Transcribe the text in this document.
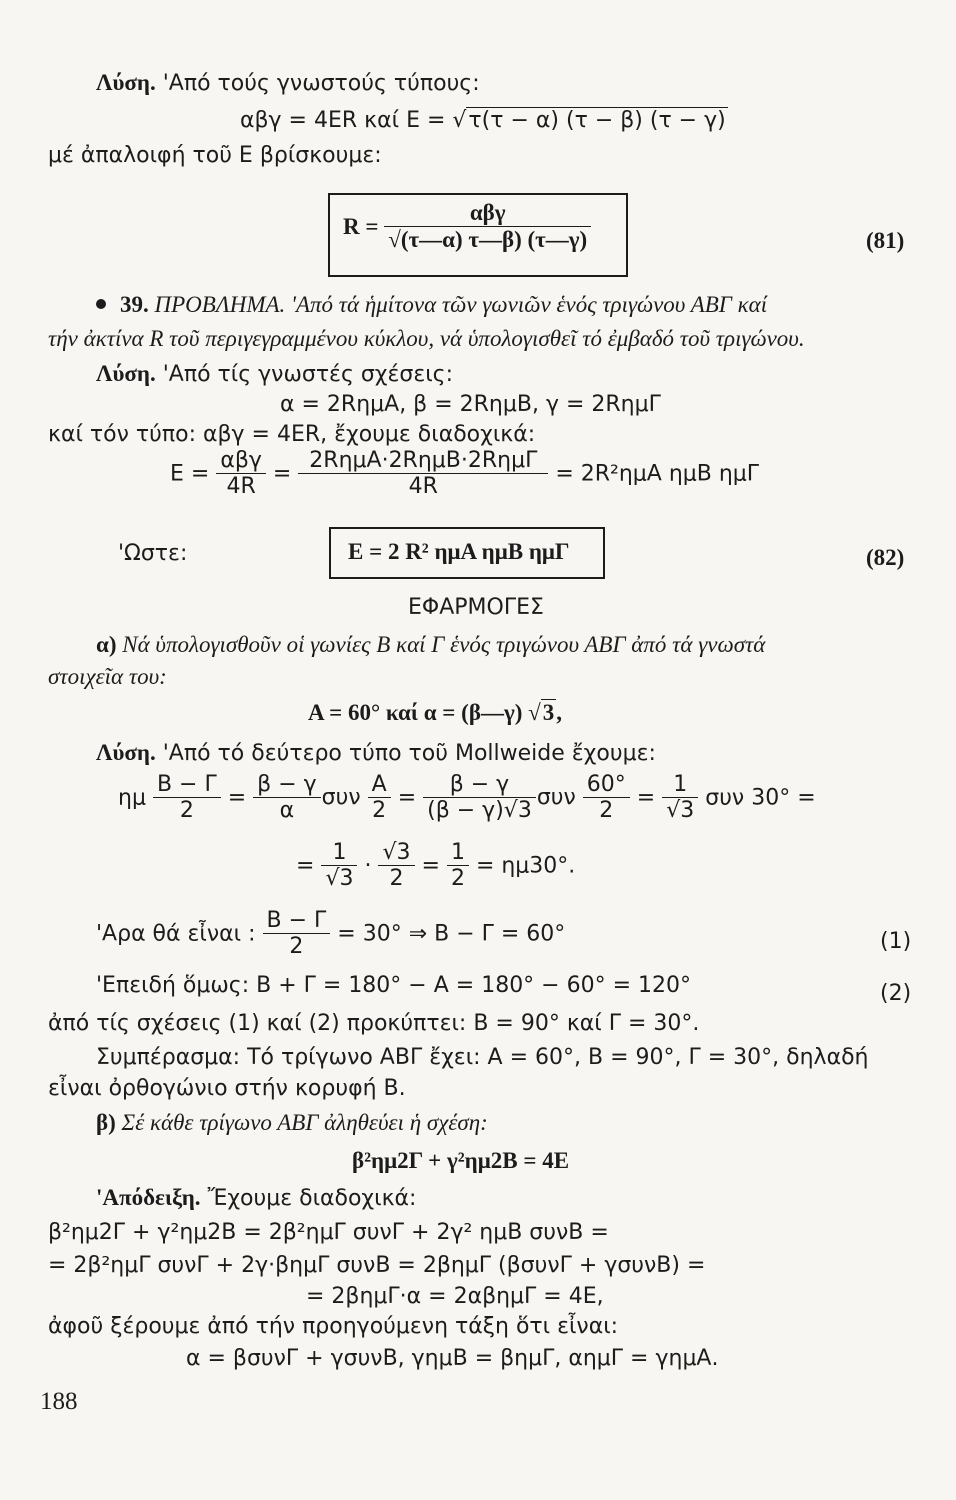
Λύση. 'Από τούς γνωστούς τύπους:
αβγ = 4ER καί E = √τ(τ − α) (τ − β) (τ − γ)
μέ ἀπαλοιφή τοῦ E βρίσκουμε:
$R = \frac{\text{αβγ}}{√(\tau—\alpha) \tau—\beta) (\tau—\gamma)}$	(81)
39. ΠΡΟΒΛΗΜΑ. 'Από τά ἡμίτονα τῶν γωνιῶν ἑνός τριγώνου ΑΒΓ καί
τήν ἀκτίνα R τοῦ περιγεγραμμένου κύκλου, νά ὑπολογισθεῖ τό ἐμβαδό τοῦ τριγώνου.
Λύση. 'Από τίς γνωστές σχέσεις:
α = 2RημΑ, β = 2RημΒ, γ = 2RημΓ
καί τόν τύπο: αβγ = 4ER, ἔχουμε διαδοχικά:
$E = \frac{\text{αβγ}}{4R} = \frac{\text{2RημΑ·2RημΒ·2RημΓ}}{4R} = 2R^2\eta\mu A$ ημΒ ημΓ
'Ωστε:	E = 2 R² ημΑ ημΒ ημΓ	(82)
ΕΦΑΡΜΟΓΕΣ
α) Νά ὑπολογισθοῦν οἱ γωνίες Β καί Γ ἑνός τριγώνου ΑΒΓ ἀπό τά γνωστά
στοιχεῖα του:
A = 60° καί α = (β—γ) √3,
Λύση. 'Από τό δεύτερο τύπο τοῦ Mollweide ἔχουμε:
ημ $\frac{B - \Gamma}{2} = \frac{\beta - \gamma}{\alpha}$ συν $\frac{A}{2} = \frac{\beta - \gamma}{(\beta - \gamma)√3}$ συν $\frac{60^\circ}{2} = \frac{1}{√3}$ συν 30° =
= $\frac{1}{√3} \cdot \frac{√3}{2} = \frac{1}{2} = \eta\mu 30^\circ$.
'Αρα θά εἶναι : $\frac{B - \Gamma}{2} = 30^\circ$ ⇒ B − Γ = 60°	(1)
'Επειδή ὅμως: B + Γ = 180° − A = 180° − 60° = 120°	(2)
ἀπό τίς σχέσεις (1) καί (2) προκύπτει: B = 90° καί Γ = 30°.
Συμπέρασμα: Τό τρίγωνο ΑΒΓ ἔχει: A = 60°, B = 90°, Γ = 30°, δηλαδή
εἶναι ὀρθογώνιο στήν κορυφή Β.
β) Σέ κάθε τρίγωνο ΑΒΓ ἀληθεύει ἡ σχέση:
β²ημ2Γ + γ²ημ2Β = 4E
'Απόδειξη. Ἔχουμε διαδοχικά:
β²ημ2Γ + γ²ημ2Β = 2β²ημΓ συνΓ + 2γ² ημΒ συνΒ =
= 2β²ημΓ συνΓ + 2γ·βημΓ συνΒ = 2βημΓ (βσυνΓ + γσυνΒ) =
= 2βημΓ·α = 2αβημΓ = 4E,
ἀφοῦ ξέρουμε ἀπό τήν προηγούμενη τάξη ὅτι εἶναι:
α = βσυνΓ + γσυνΒ, γημΒ = βημΓ, αημΓ = γημΑ.
188
